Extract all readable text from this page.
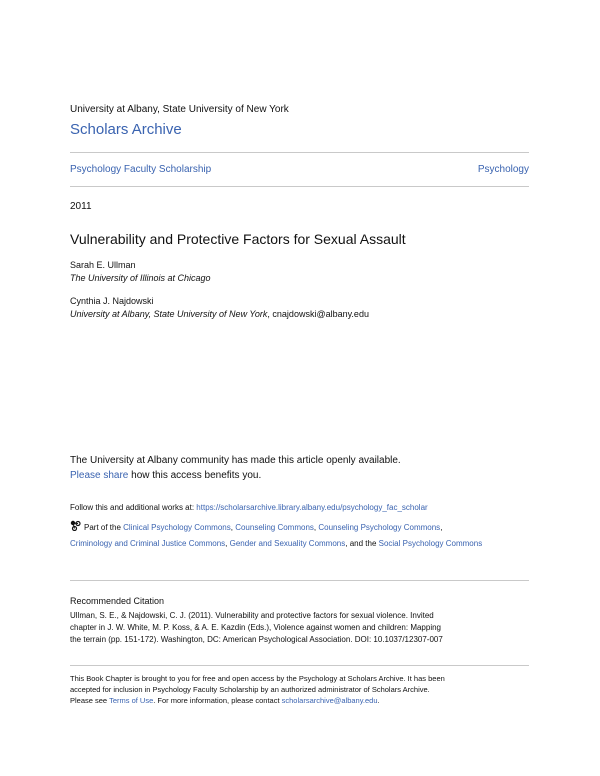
University at Albany, State University of New York
Scholars Archive
Psychology Faculty Scholarship	Psychology
2011
Vulnerability and Protective Factors for Sexual Assault
Sarah E. Ullman
The University of Illinois at Chicago
Cynthia J. Najdowski
University at Albany, State University of New York, cnajdowski@albany.edu
The University at Albany community has made this article openly available.
Please share how this access benefits you.
Follow this and additional works at: https://scholarsarchive.library.albany.edu/psychology_fac_scholar
Part of the Clinical Psychology Commons, Counseling Commons, Counseling Psychology Commons,
Criminology and Criminal Justice Commons, Gender and Sexuality Commons, and the Social Psychology Commons
Recommended Citation
Ullman, S. E., & Najdowski, C. J. (2011). Vulnerability and protective factors for sexual violence. Invited
chapter in J. W. White, M. P. Koss, & A. E. Kazdin (Eds.), Violence against women and children: Mapping
the terrain (pp. 151-172). Washington, DC: American Psychological Association. DOI: 10.1037/12307-007
This Book Chapter is brought to you for free and open access by the Psychology at Scholars Archive. It has been
accepted for inclusion in Psychology Faculty Scholarship by an authorized administrator of Scholars Archive.
Please see Terms of Use. For more information, please contact scholarsarchive@albany.edu.
